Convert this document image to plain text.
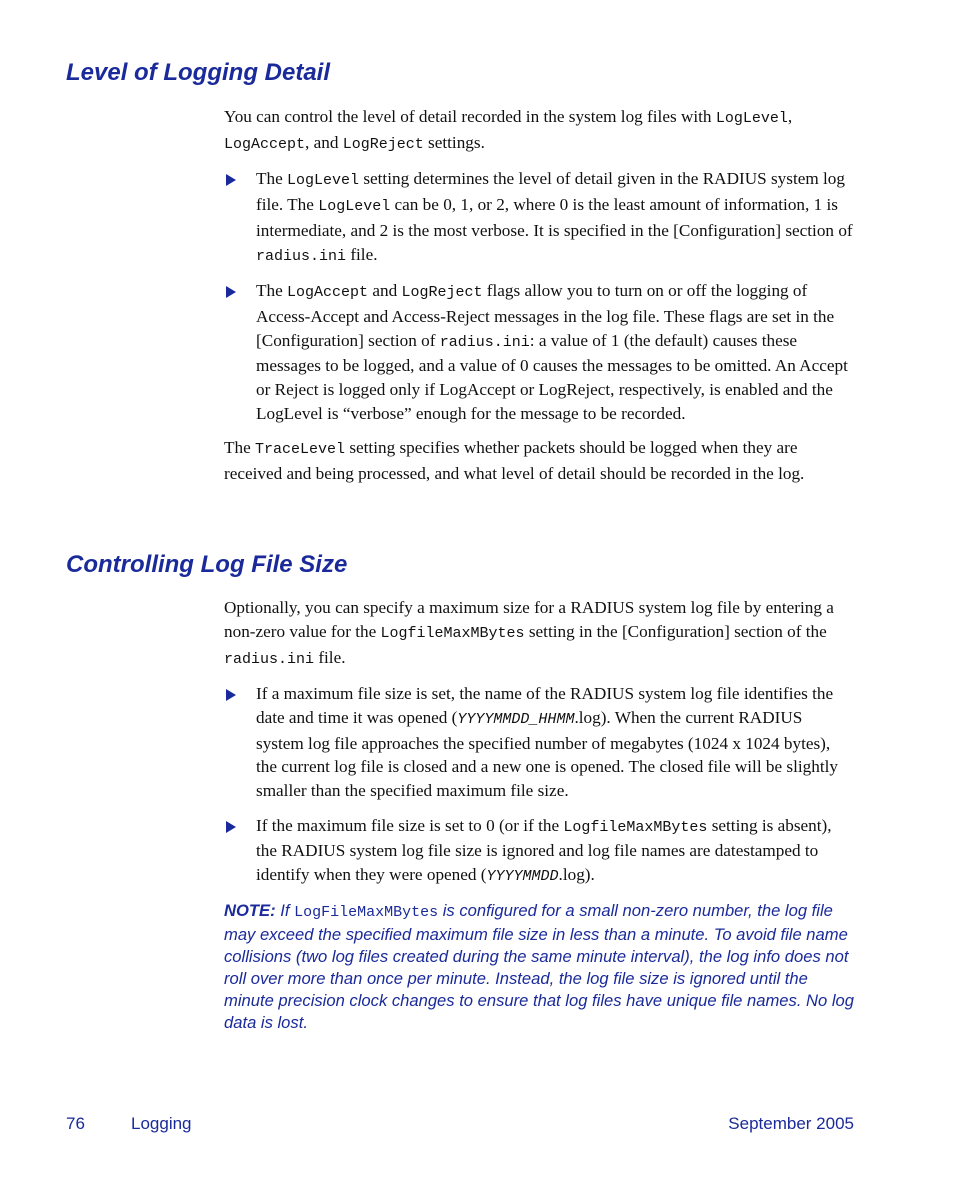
Level of Logging Detail

You can control the level of detail recorded in the system log files with LogLevel, LogAccept, and LogReject settings.

The LogLevel setting determines the level of detail given in the RADIUS system log file. The LogLevel can be 0, 1, or 2, where 0 is the least amount of information, 1 is intermediate, and 2 is the most verbose. It is specified in the [Configuration] section of radius.ini file.
The LogAccept and LogReject flags allow you to turn on or off the logging of Access-Accept and Access-Reject messages in the log file. These flags are set in the [Configuration] section of radius.ini: a value of 1 (the default) causes these messages to be logged, and a value of 0 causes the messages to be omitted. An Accept or Reject is logged only if LogAccept or LogReject, respectively, is enabled and the LogLevel is “verbose” enough for the message to be recorded.

The TraceLevel setting specifies whether packets should be logged when they are received and being processed, and what level of detail should be recorded in the log.

Controlling Log File Size

Optionally, you can specify a maximum size for a RADIUS system log file by entering a non-zero value for the LogfileMaxMBytes setting in the [Configuration] section of the radius.ini file.

If a maximum file size is set, the name of the RADIUS system log file identifies the date and time it was opened (YYYYMMDD_HHMM.log). When the current RADIUS system log file approaches the specified number of megabytes (1024 x 1024 bytes), the current log file is closed and a new one is opened. The closed file will be slightly smaller than the specified maximum file size.
If the maximum file size is set to 0 (or if the LogfileMaxMBytes setting is absent), the RADIUS system log file size is ignored and log file names are datestamped to identify when they were opened (YYYYMMDD.log).

NOTE: If LogFileMaxMBytes is configured for a small non-zero number, the log file may exceed the specified maximum file size in less than a minute. To avoid file name collisions (two log files created during the same minute interval), the log info does not roll over more than once per minute. Instead, the log file size is ignored until the minute precision clock changes to ensure that log files have unique file names. No log data is lost.

76	Logging	September 2005
